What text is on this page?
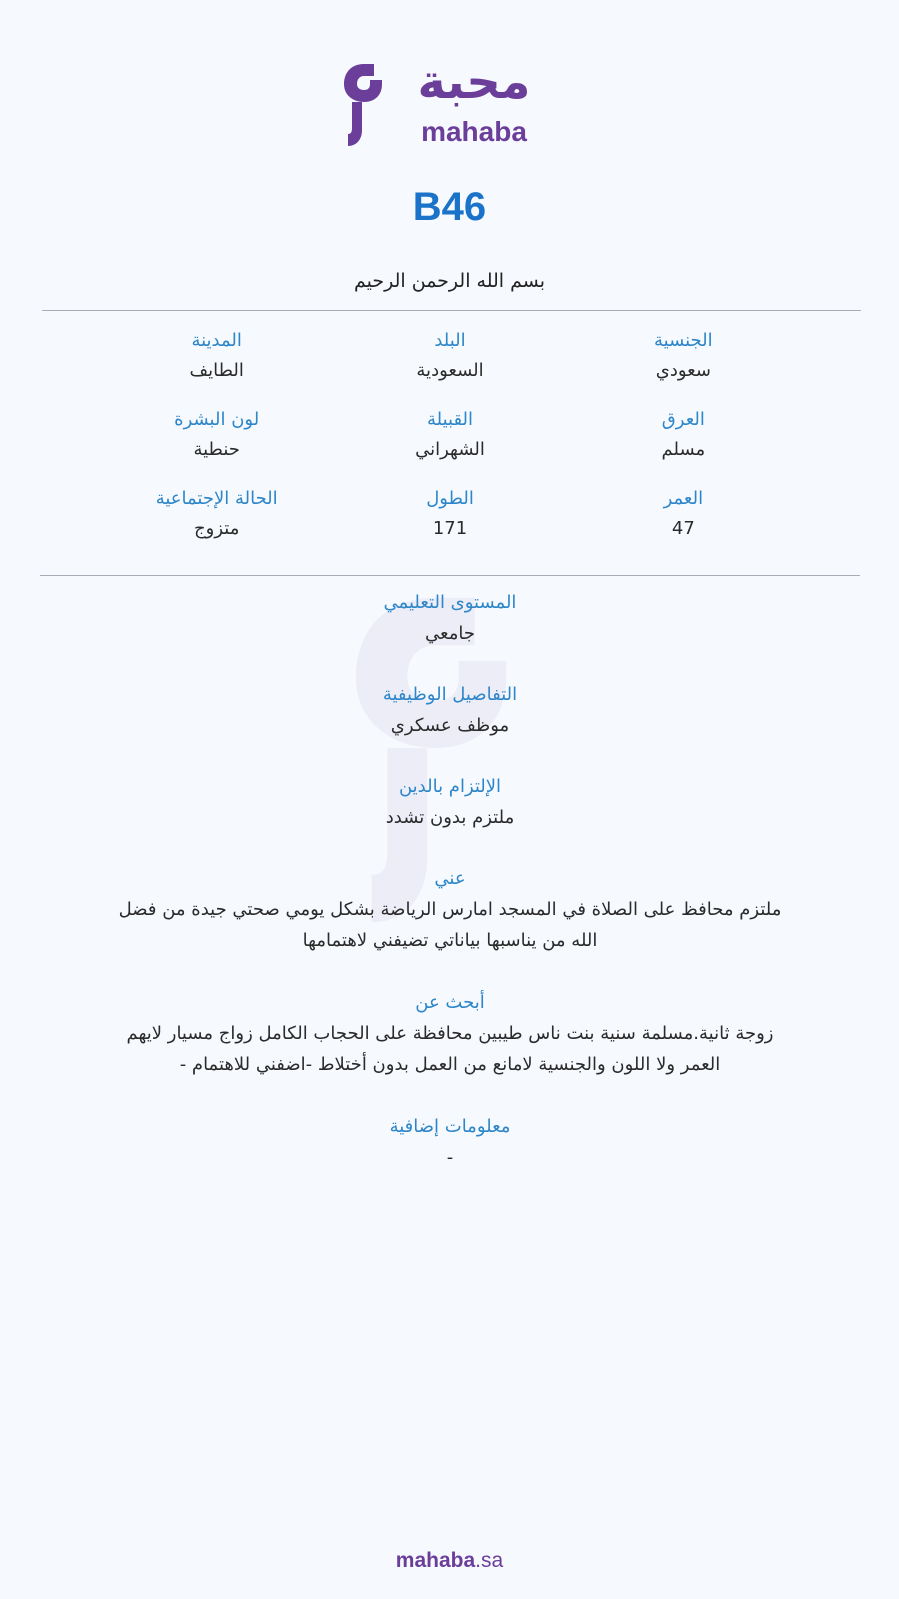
محبة
mahaba
B46
بسم الله الرحمن الرحيم
الجنسية
سعودي
البلد
السعودية
المدينة
الطايف
العرق
مسلم
القبيلة
الشهراني
لون البشرة
حنطية
العمر
47
الطول
171
الحالة الإجتماعية
متزوج
المستوى التعليمي
جامعي
التفاصيل الوظيفية
موظف عسكري
الإلتزام بالدين
ملتزم بدون تشدد
عني
ملتزم محافظ على الصلاة في المسجد امارس الرياضة بشكل يومي صحتي جيدة من فضل
الله من يناسبها بياناتي تضيفني لاهتمامها
أبحث عن
زوجة ثانية.مسلمة سنية بنت ناس طيبين محافظة على الحجاب الكامل زواج مسيار لايهم
العمر ولا اللون والجنسية لامانع من العمل بدون أختلاط -اضفني للاهتمام -
معلومات إضافية
-
mahaba.sa
